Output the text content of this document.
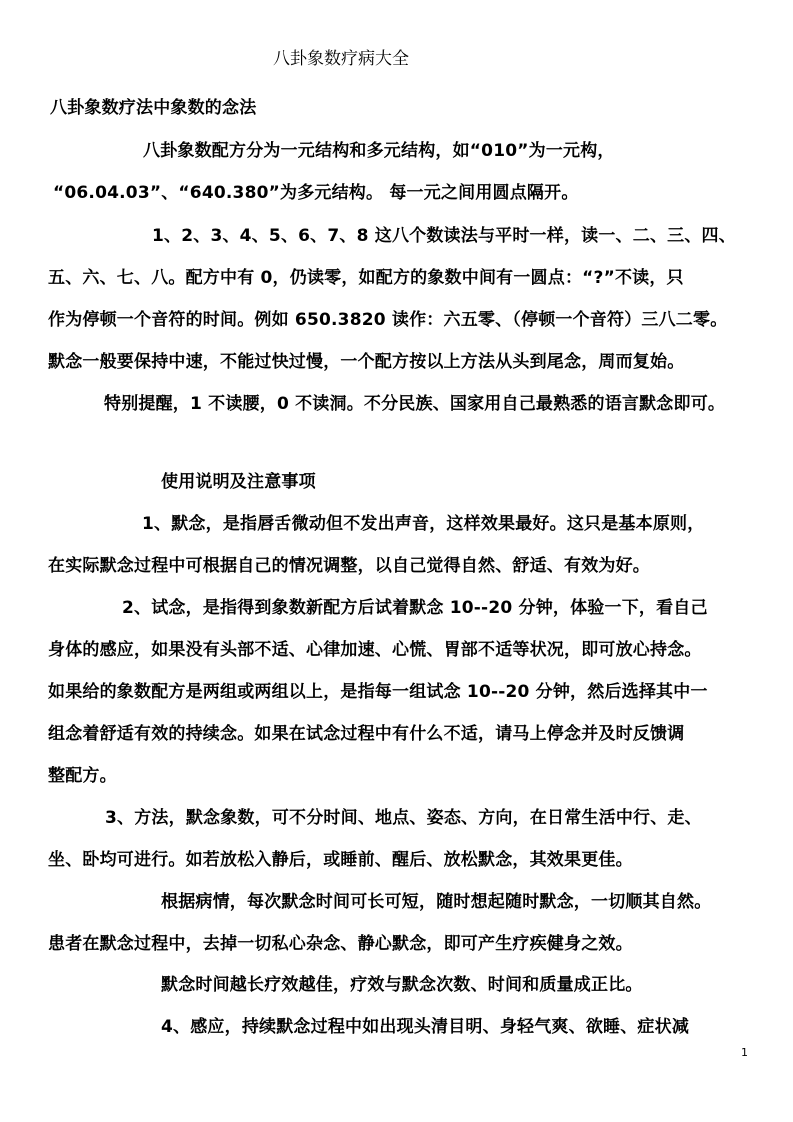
八卦象数疗病大全
八卦象数疗法中象数的念法
八卦象数配方分为一元结构和多元结构，如“010”为一元构，
“06.04.03”、“640.380”为多元结构。 每一元之间用圆点隔开。
1、2、3、4、5、6、7、8 这八个数读法与平时一样，读一、二、三、四、
五、六、七、八。配方中有 0，仍读零，如配方的象数中间有一圆点：“?”不读，只
作为停顿一个音符的时间。例如 650.3820 读作：六五零、（停顿一个音符）三八二零。
默念一般要保持中速，不能过快过慢，一个配方按以上方法从头到尾念，周而复始。
特别提醒，1 不读腰，0 不读洞。不分民族、国家用自己最熟悉的语言默念即可。
使用说明及注意事项
1、默念，是指唇舌微动但不发出声音，这样效果最好。这只是基本原则，
在实际默念过程中可根据自己的情况调整，以自己觉得自然、舒适、有效为好。
2、试念，是指得到象数新配方后试着默念 10--20 分钟，体验一下，看自己
身体的感应，如果没有头部不适、心律加速、心慌、胃部不适等状况，即可放心持念。
如果给的象数配方是两组或两组以上，是指每一组试念 10--20 分钟，然后选择其中一
组念着舒适有效的持续念。如果在试念过程中有什么不适，请马上停念并及时反馈调
整配方。
3、方法，默念象数，可不分时间、地点、姿态、方向，在日常生活中行、走、
坐、卧均可进行。如若放松入静后，或睡前、醒后、放松默念，其效果更佳。
根据病情，每次默念时间可长可短，随时想起随时默念，一切顺其自然。
患者在默念过程中，去掉一切私心杂念、静心默念，即可产生疗疾健身之效。
默念时间越长疗效越佳，疗效与默念次数、时间和质量成正比。
4、感应，持续默念过程中如出现头清目明、身轻气爽、欲睡、症状减
1
